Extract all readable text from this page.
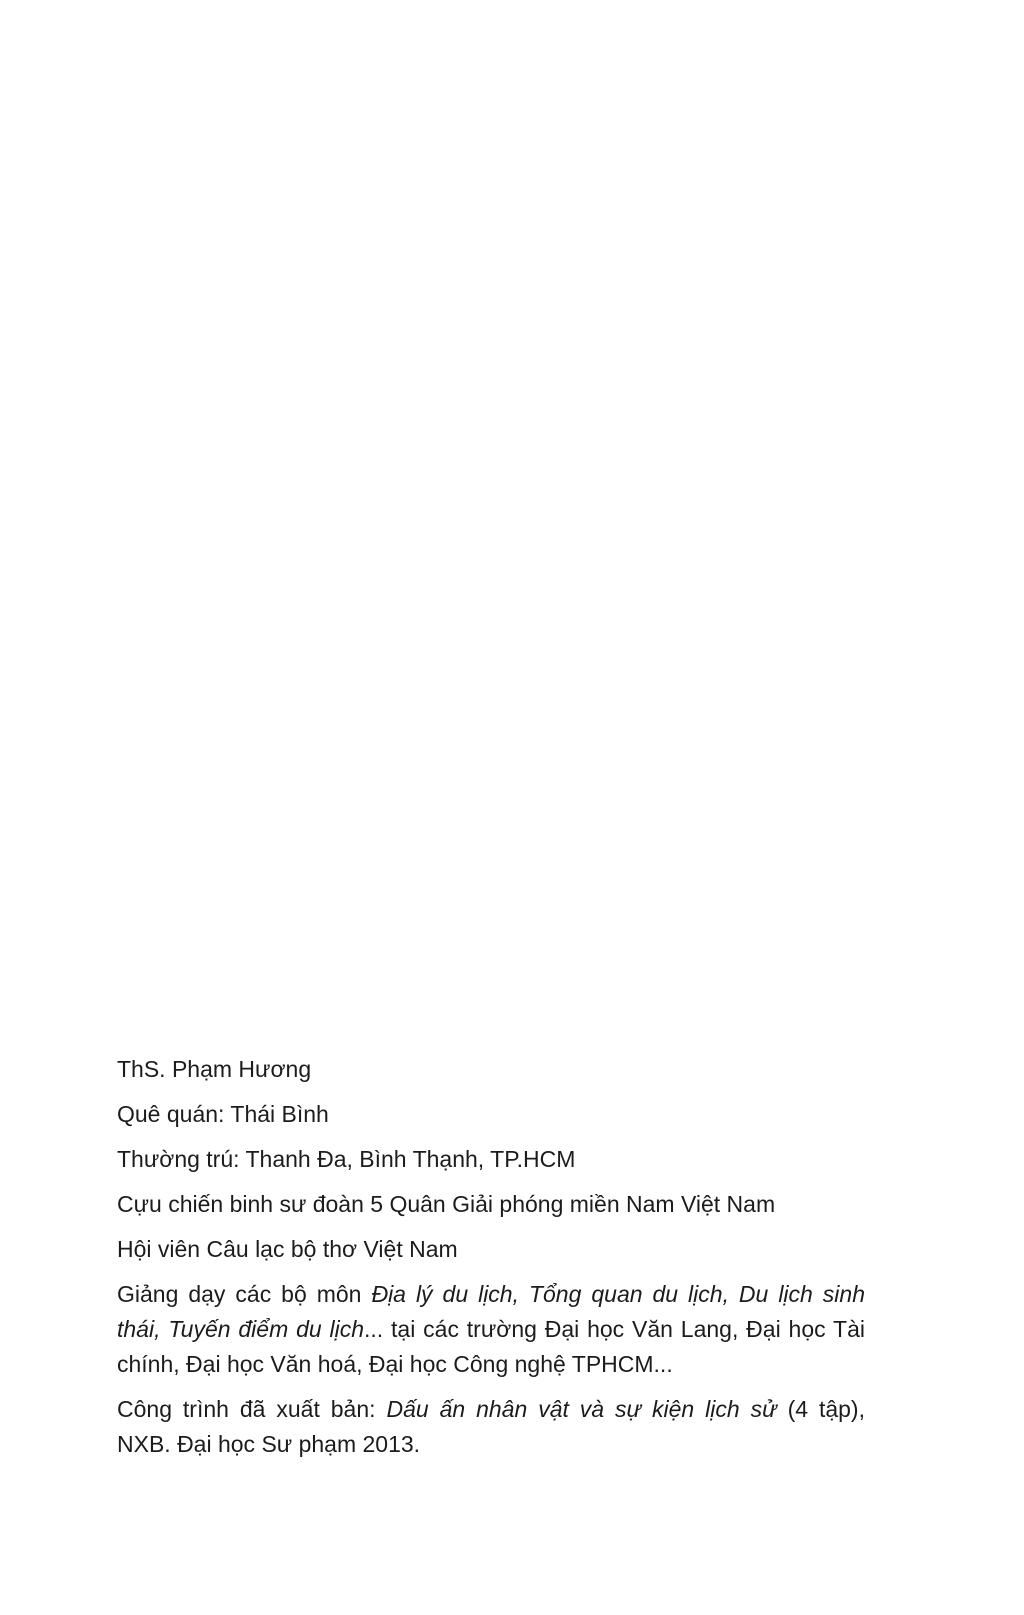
ThS. Phạm Hương

Quê quán: Thái Bình

Thường trú: Thanh Đa, Bình Thạnh, TP.HCM

Cựu chiến binh sư đoàn 5 Quân Giải phóng miền Nam Việt Nam

Hội viên Câu lạc bộ thơ Việt Nam

Giảng dạy các bộ môn Địa lý du lịch, Tổng quan du lịch, Du lịch sinh
thái, Tuyến điểm du lịch... tại các trường Đại học Văn Lang, Đại học Tài
chính, Đại học Văn hoá, Đại học Công nghệ TPHCM...
Công trình đã xuất bản: Dấu ấn nhân vật và sự kiện lịch sử (4 tập),
NXB. Đại học Sư phạm 2013.
